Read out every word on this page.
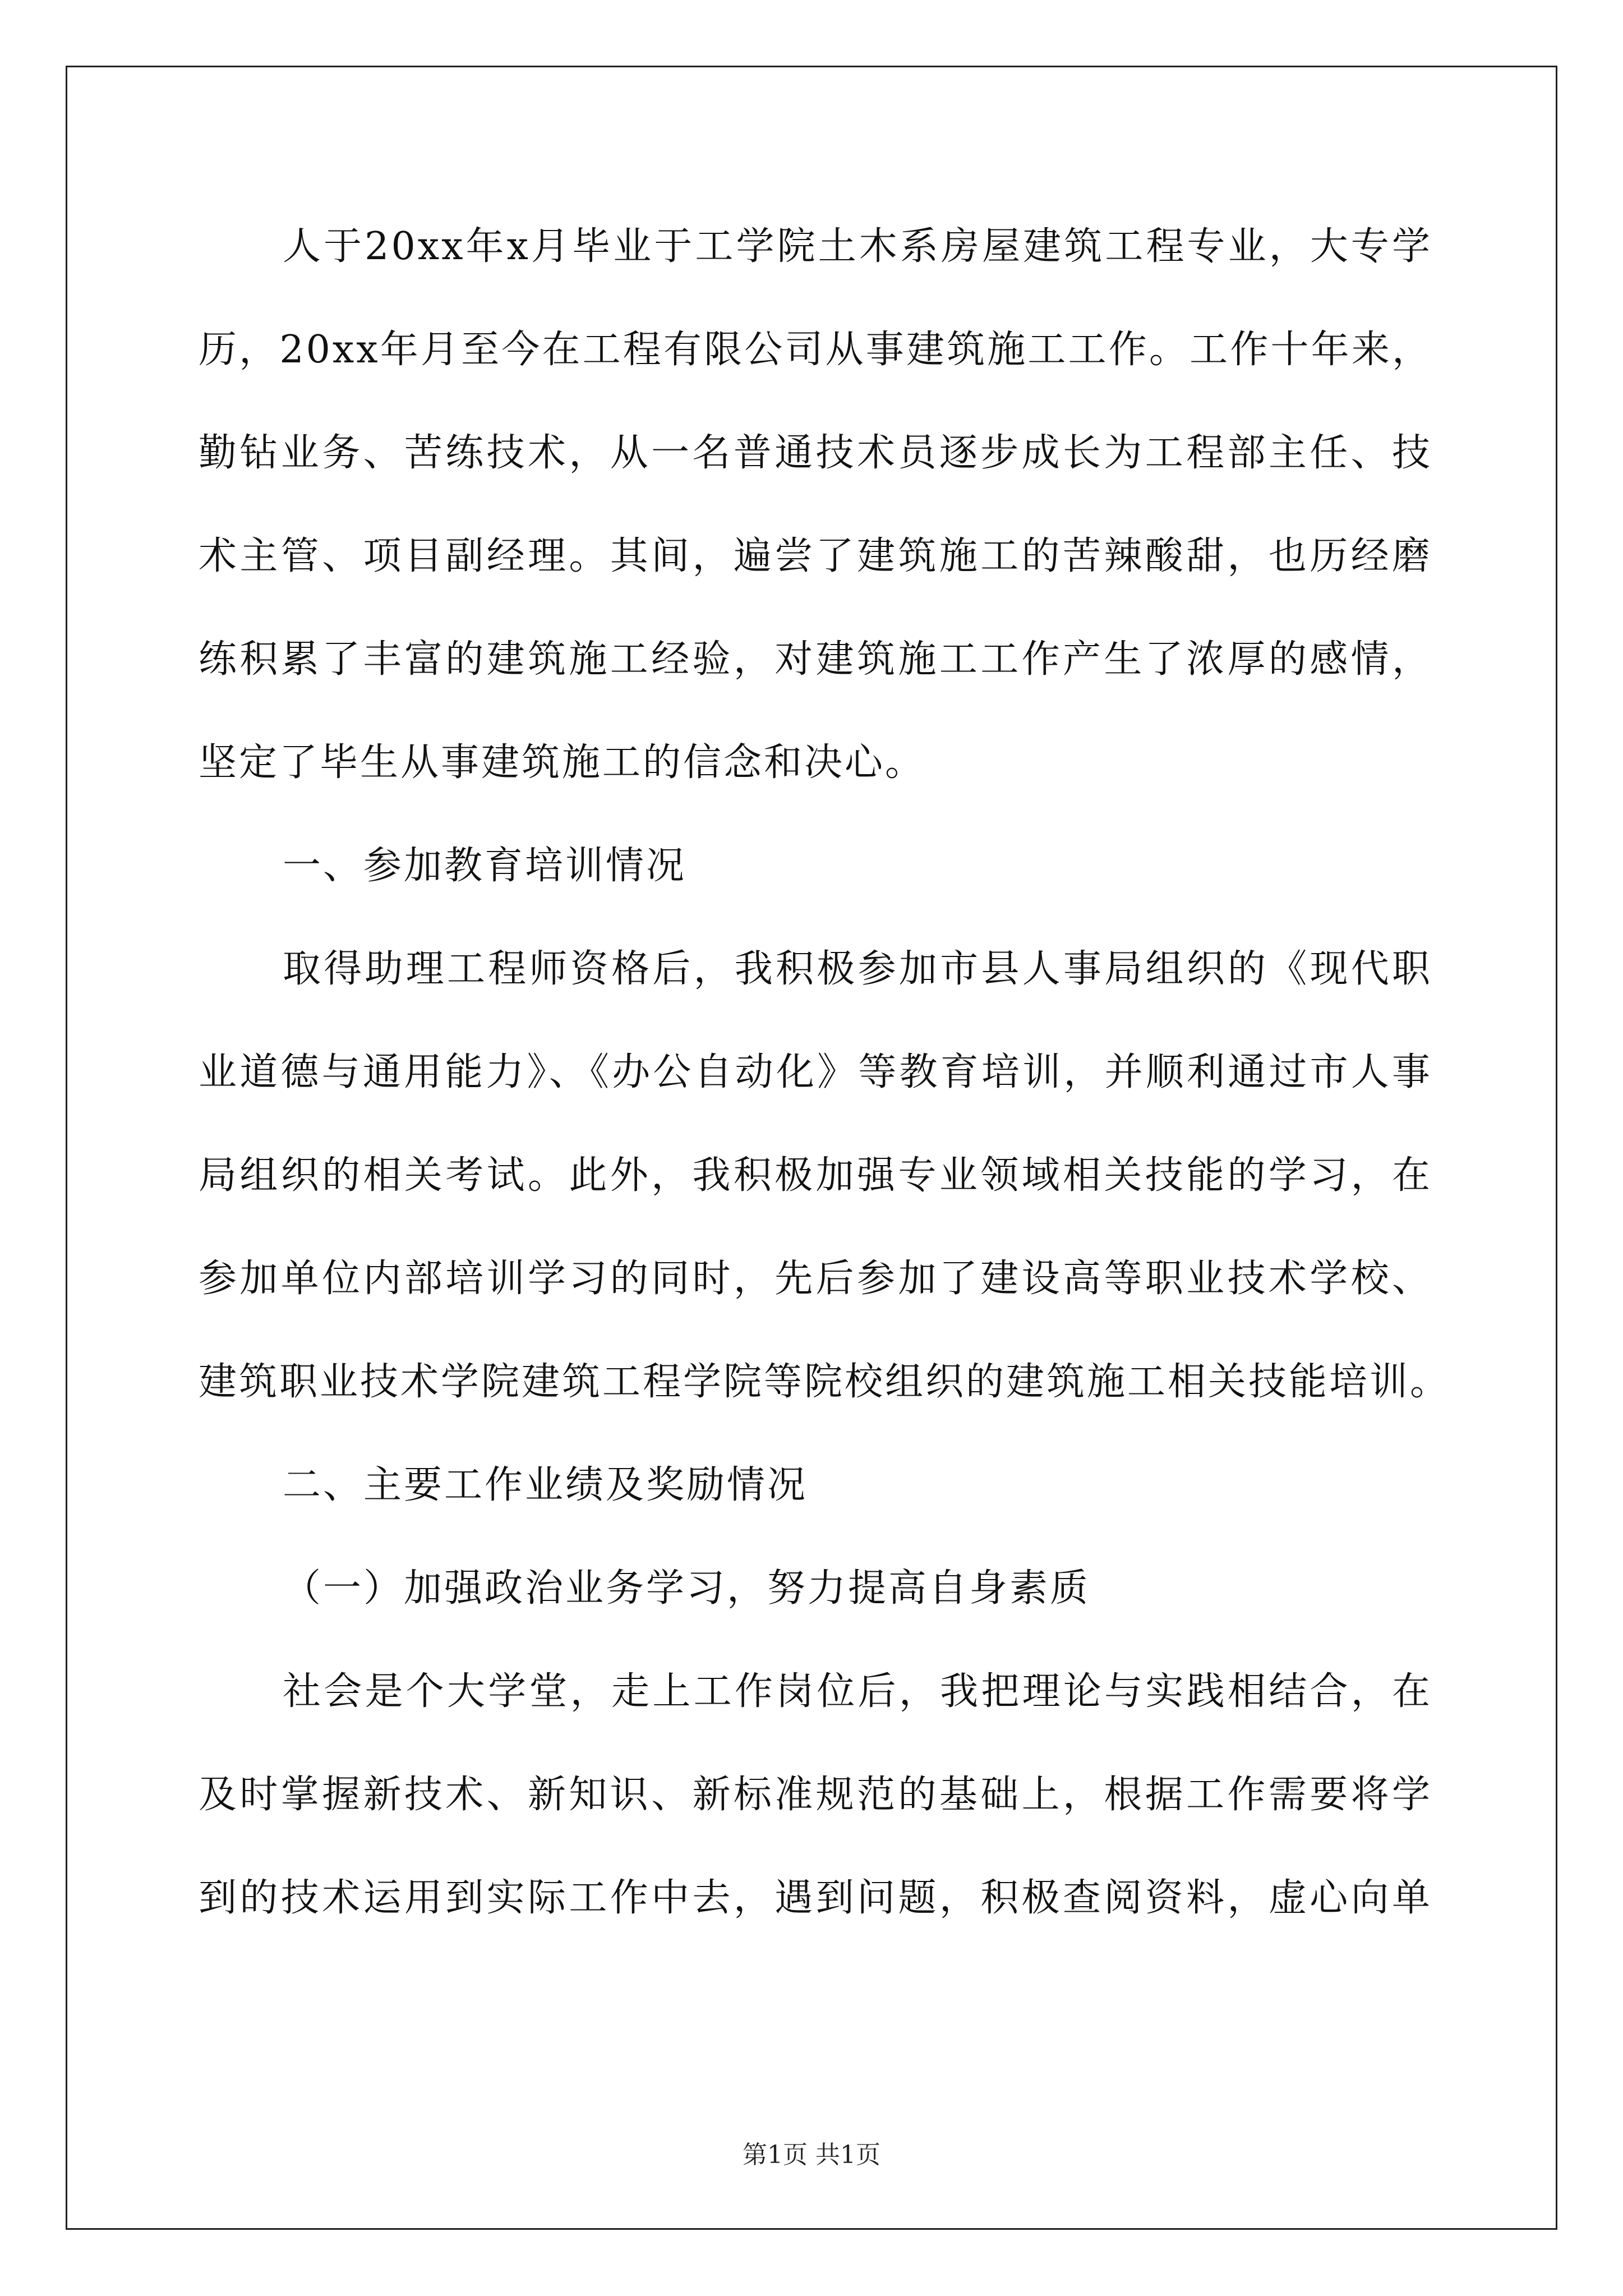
人于20xx年x月毕业于工学院土木系房屋建筑工程专业，大专学
历，20xx年月至今在工程有限公司从事建筑施工工作。工作十年来，
勤钻业务、苦练技术，从一名普通技术员逐步成长为工程部主任、技
术主管、项目副经理。其间，遍尝了建筑施工的苦辣酸甜，也历经磨
练积累了丰富的建筑施工经验，对建筑施工工作产生了浓厚的感情，
坚定了毕生从事建筑施工的信念和决心。
一、参加教育培训情况
取得助理工程师资格后，我积极参加市县人事局组织的《现代职
业道德与通用能力》、《办公自动化》等教育培训，并顺利通过市人事
局组织的相关考试。此外，我积极加强专业领域相关技能的学习，在
参加单位内部培训学习的同时，先后参加了建设高等职业技术学校、
建筑职业技术学院建筑工程学院等院校组织的建筑施工相关技能培训。
二、主要工作业绩及奖励情况
（一）加强政治业务学习，努力提高自身素质
社会是个大学堂，走上工作岗位后，我把理论与实践相结合，在
及时掌握新技术、新知识、新标准规范的基础上，根据工作需要将学
到的技术运用到实际工作中去，遇到问题，积极查阅资料，虚心向单
第1页 共1页
